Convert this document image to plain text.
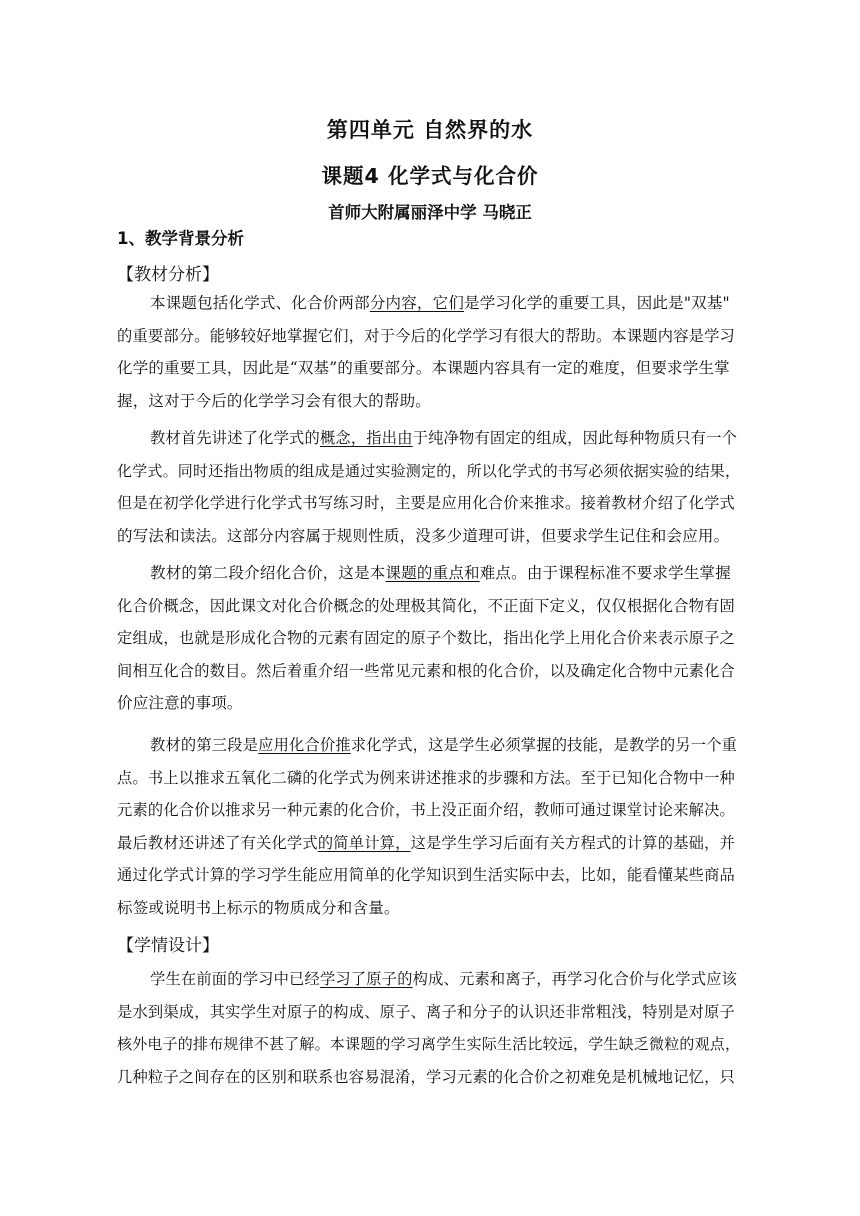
第四单元 自然界的水
课题4 化学式与化合价
首师大附属丽泽中学 马晓正
1、教学背景分析
【教材分析】
本课题包括化学式、化合价两部分内容，它们是学习化学的重要工具，因此是"双基"
的重要部分。能够较好地掌握它们，对于今后的化学学习有很大的帮助。本课题内容是学习
化学的重要工具，因此是“双基”的重要部分。本课题内容具有一定的难度，但要求学生掌
握，这对于今后的化学学习会有很大的帮助。
教材首先讲述了化学式的概念，指出由于纯净物有固定的组成，因此每种物质只有一个
化学式。同时还指出物质的组成是通过实验测定的，所以化学式的书写必须依据实验的结果，
但是在初学化学进行化学式书写练习时，主要是应用化合价来推求。接着教材介绍了化学式
的写法和读法。这部分内容属于规则性质，没多少道理可讲，但要求学生记住和会应用。
教材的第二段介绍化合价，这是本课题的重点和难点。由于课程标准不要求学生掌握
化合价概念，因此课文对化合价概念的处理极其简化，不正面下定义，仅仅根据化合物有固
定组成，也就是形成化合物的元素有固定的原子个数比，指出化学上用化合价来表示原子之
间相互化合的数目。然后着重介绍一些常见元素和根的化合价，以及确定化合物中元素化合
价应注意的事项。
教材的第三段是应用化合价推求化学式，这是学生必须掌握的技能，是教学的另一个重
点。书上以推求五氧化二磷的化学式为例来讲述推求的步骤和方法。至于已知化合物中一种
元素的化合价以推求另一种元素的化合价，书上没正面介绍，教师可通过课堂讨论来解决。
最后教材还讲述了有关化学式的简单计算，这是学生学习后面有关方程式的计算的基础，并
通过化学式计算的学习学生能应用简单的化学知识到生活实际中去，比如，能看懂某些商品
标签或说明书上标示的物质成分和含量。
【学情设计】
学生在前面的学习中已经学习了原子的构成、元素和离子，再学习化合价与化学式应该
是水到渠成，其实学生对原子的构成、原子、离子和分子的认识还非常粗浅，特别是对原子
核外电子的排布规律不甚了解。本课题的学习离学生实际生活比较远，学生缺乏微粒的观点，
几种粒子之间存在的区别和联系也容易混淆，学习元素的化合价之初难免是机械地记忆，只
